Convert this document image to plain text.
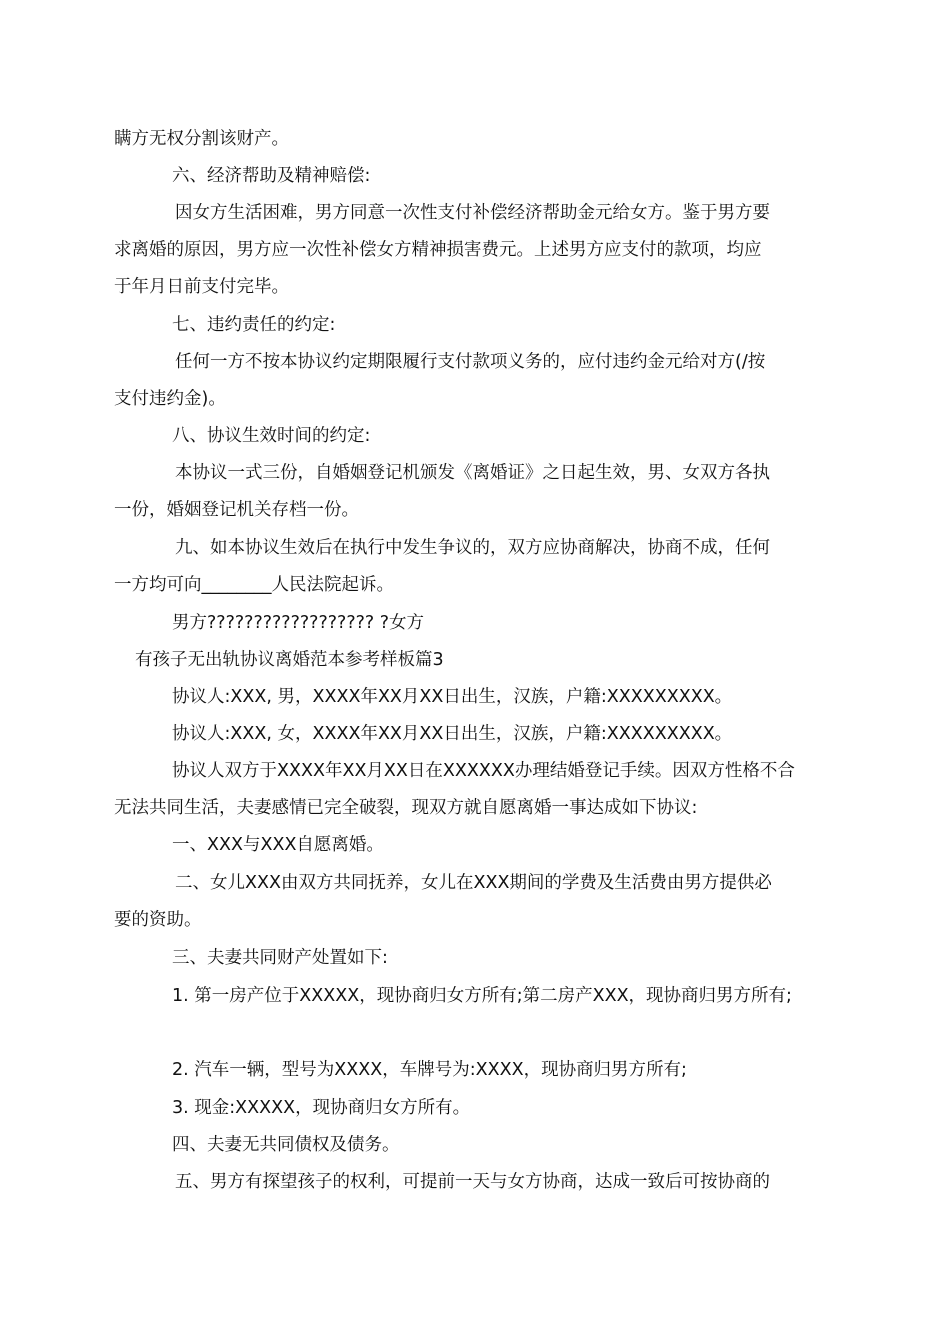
瞒方无权分割该财产。
六、经济帮助及精神赔偿:
因女方生活困难，男方同意一次性支付补偿经济帮助金元给女方。鉴于男方要
求离婚的原因，男方应一次性补偿女方精神损害费元。上述男方应支付的款项，均应
于年月日前支付完毕。
七、违约责任的约定:
任何一方不按本协议约定期限履行支付款项义务的，应付违约金元给对方(/按
支付违约金)。
八、协议生效时间的约定:
本协议一式三份，自婚姻登记机颁发《离婚证》之日起生效，男、女双方各执
一份，婚姻登记机关存档一份。
九、如本协议生效后在执行中发生争议的，双方应协商解决，协商不成，任何
一方均可向________人民法院起诉。
男方?????????????????? ?女方
有孩子无出轨协议离婚范本参考样板篇3
协议人:XXX, 男，XXXX年XX月XX日出生，汉族，户籍:XXXXXXXXX。
协议人:XXX, 女，XXXX年XX月XX日出生，汉族，户籍:XXXXXXXXX。
协议人双方于XXXX年XX月XX日在XXXXXX办理结婚登记手续。因双方性格不合
无法共同生活，夫妻感情已完全破裂，现双方就自愿离婚一事达成如下协议:
一、XXX与XXX自愿离婚。
二、女儿XXX由双方共同抚养，女儿在XXX期间的学费及生活费由男方提供必
要的资助。
三、夫妻共同财产处置如下:
1. 第一房产位于XXXXX，现协商归女方所有;第二房产XXX，现协商归男方所有;
2. 汽车一辆，型号为XXXX，车牌号为:XXXX，现协商归男方所有;
3. 现金:XXXXX，现协商归女方所有。
四、夫妻无共同债权及债务。
五、男方有探望孩子的权利，可提前一天与女方协商，达成一致后可按协商的
